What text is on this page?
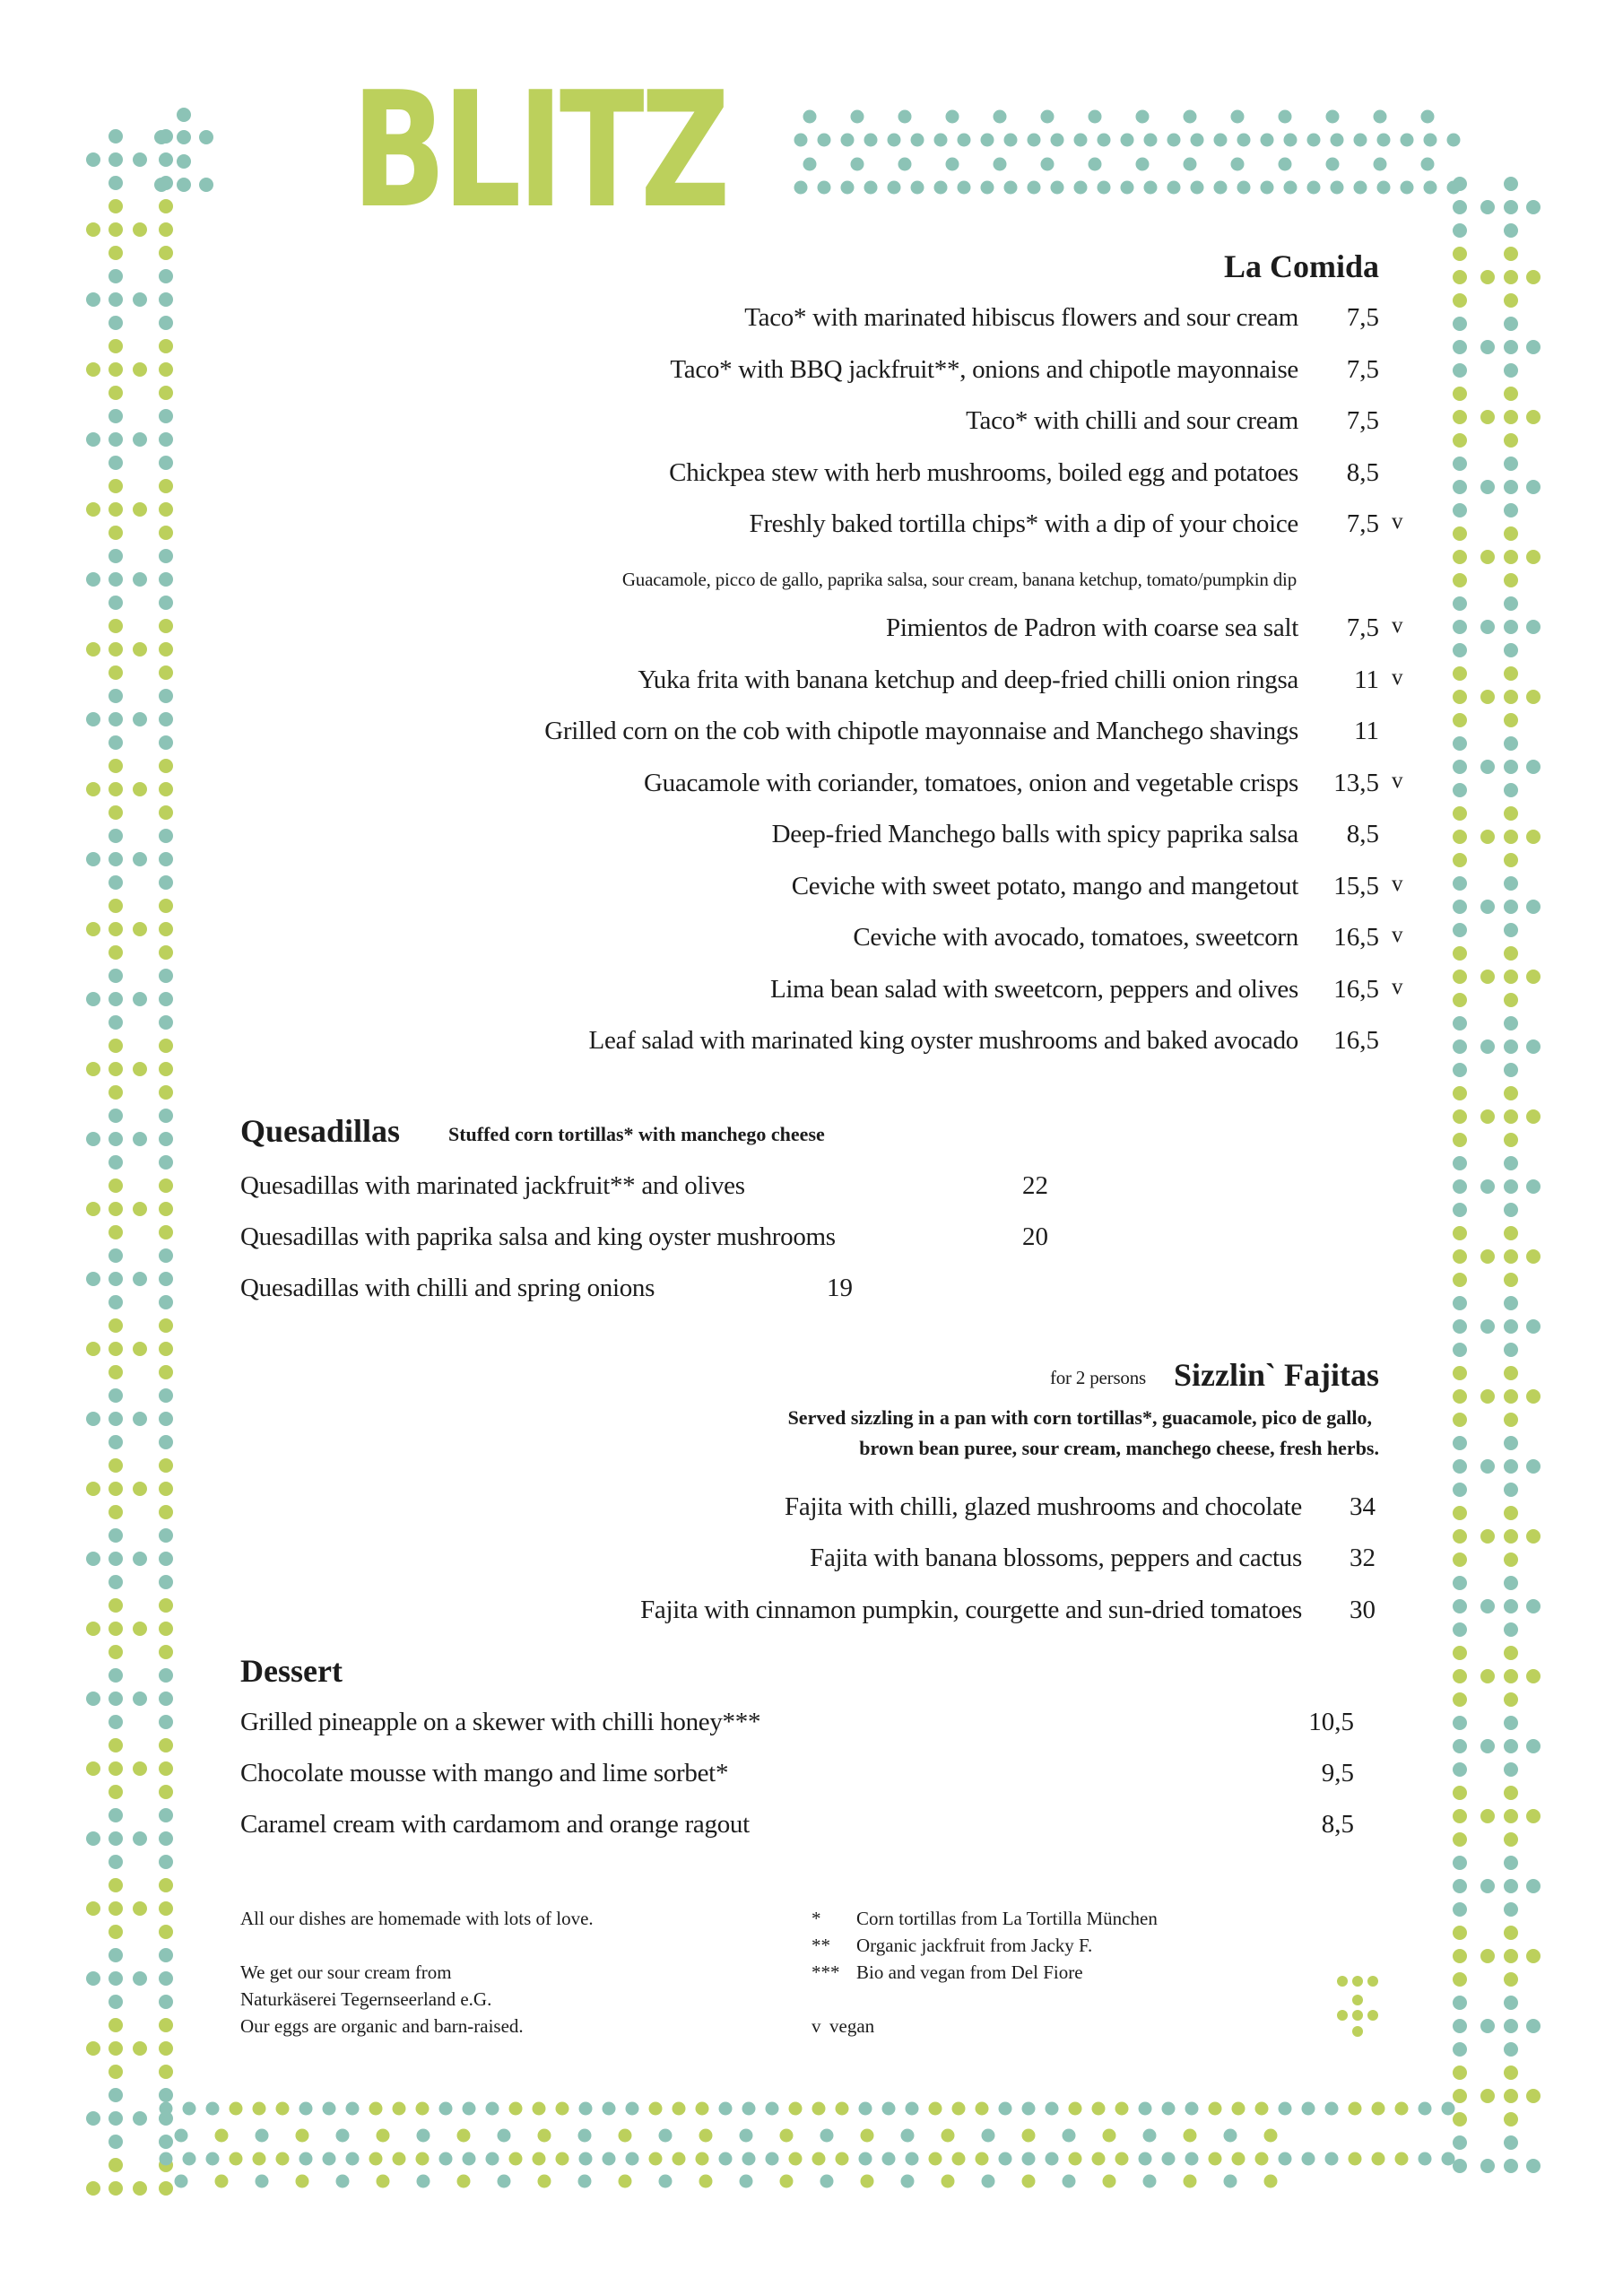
BLITZ
La Comida
Taco* with marinated hibiscus flowers and sour cream 7,5
Taco* with BBQ jackfruit**, onions and chipotle mayonnaise 7,5
Taco* with chilli and sour cream 7,5
Chickpea stew with herb mushrooms, boiled egg and potatoes 8,5
Freshly baked tortilla chips* with a dip of your choice 7,5 v
Pimientos de Padron with coarse sea salt 7,5 v
Yuka frita with banana ketchup and deep-fried chilli onion ringsa 11 v
Grilled corn on the cob with chipotle mayonnaise and Manchego shavings 11
Guacamole with coriander, tomatoes, onion and vegetable crisps 13,5 v
Deep-fried Manchego balls with spicy paprika salsa 8,5
Ceviche with sweet potato, mango and mangetout 15,5 v
Ceviche with avocado, tomatoes, sweetcorn 16,5 v
Lima bean salad with sweetcorn, peppers and olives 16,5 v
Leaf salad with marinated king oyster mushrooms and baked avocado 16,5
Guacamole, picco de gallo, paprika salsa, sour cream, banana ketchup, tomato/pumpkin dip
Quesadillas Stuffed corn tortillas* with manchego cheese
Quesadillas with marinated jackfruit** and olives	22
Quesadillas with paprika salsa and king oyster mushrooms	20
Quesadillas with chilli and spring onions	19
for 2 persons Sizzlin` Fajitas
Served sizzling in a pan with corn tortillas*, guacamole, pico de gallo,
brown bean puree, sour cream, manchego cheese, fresh herbs.
Fajita with chilli, glazed mushrooms and chocolate 34
Fajita with banana blossoms, peppers and cactus 32
Fajita with cinnamon pumpkin, courgette and sun-dried tomatoes 30
Dessert
Grilled pineapple on a skewer with chilli honey***	10,5
Chocolate mousse with mango and lime sorbet*	9,5
Caramel cream with cardamom and orange ragout	8,5
All our dishes are homemade with lots of love.
We get our sour cream from
Naturkäserei Tegernseerland e.G.
Our eggs are organic and barn-raised.
* Corn tortillas from La Tortilla München
** Organic jackfruit from Jacky F.
*** Bio and vegan from Del Fiore
v vegan
